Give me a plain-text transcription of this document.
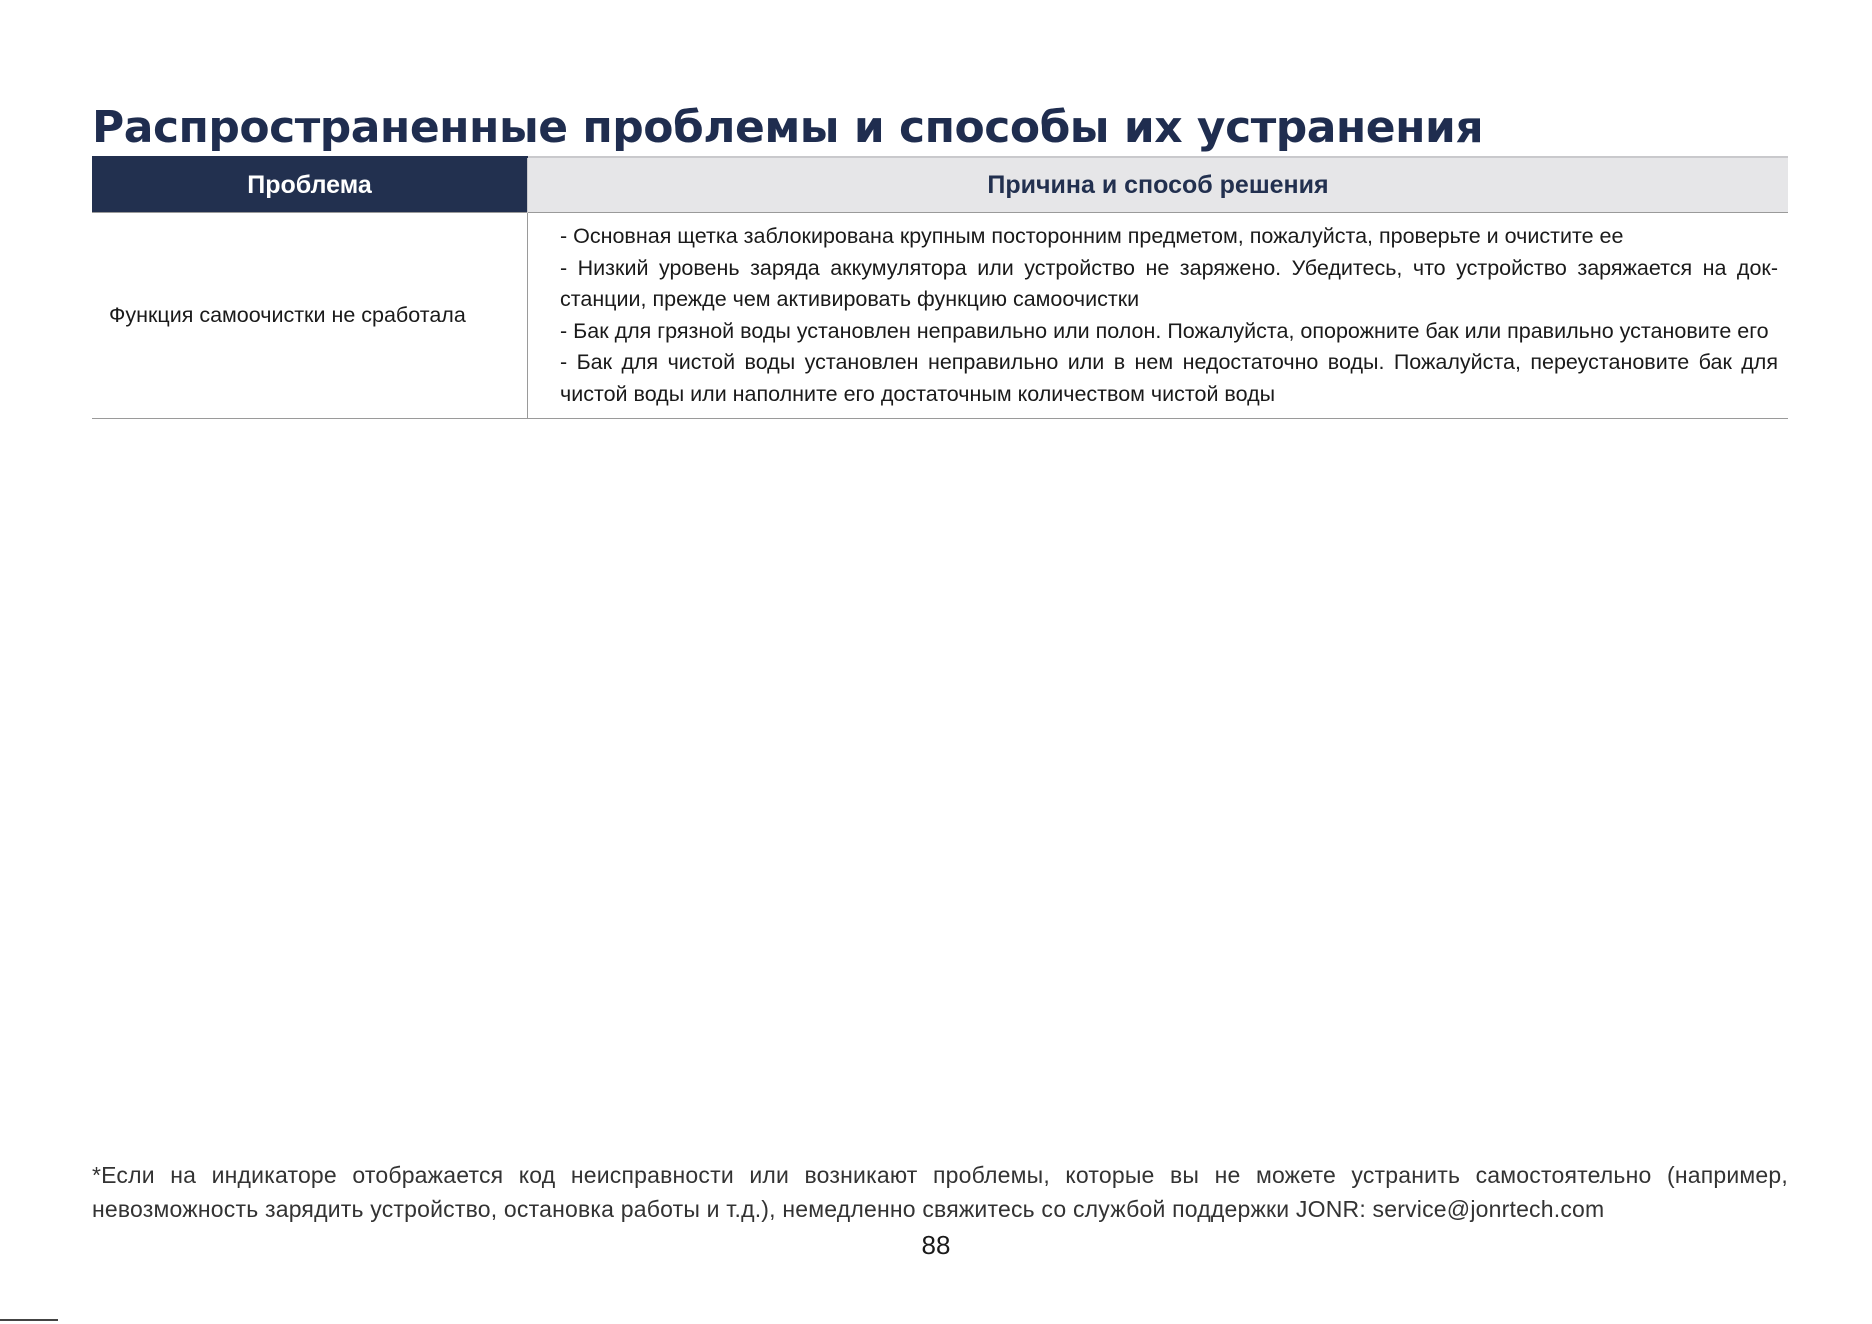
Распространенные проблемы и способы их устранения
Проблема	Причина и способ решения
Функция самоочистки не сработала	- Основная щетка заблокирована крупным посторонним предметом, пожалуйста, проверьте и очистите ее
- Низкий уровень заряда аккумулятора или устройство не заряжено. Убедитесь, что устройство заряжается на док-станции, прежде чем активировать функцию самоочистки
- Бак для грязной воды установлен неправильно или полон. Пожалуйста, опорожните бак или правильно установите его
- Бак для чистой воды установлен неправильно или в нем недостаточно воды. Пожалуйста, переустановите бак для чистой воды или наполните его достаточным количеством чистой воды

*Если на индикаторе отображается код неисправности или возникают проблемы, которые вы не можете устранить самостоятельно (например, невозможность зарядить устройство, остановка работы и т.д.), немедленно свяжитесь со службой поддержки JONR: service@jonrtech.com

88
